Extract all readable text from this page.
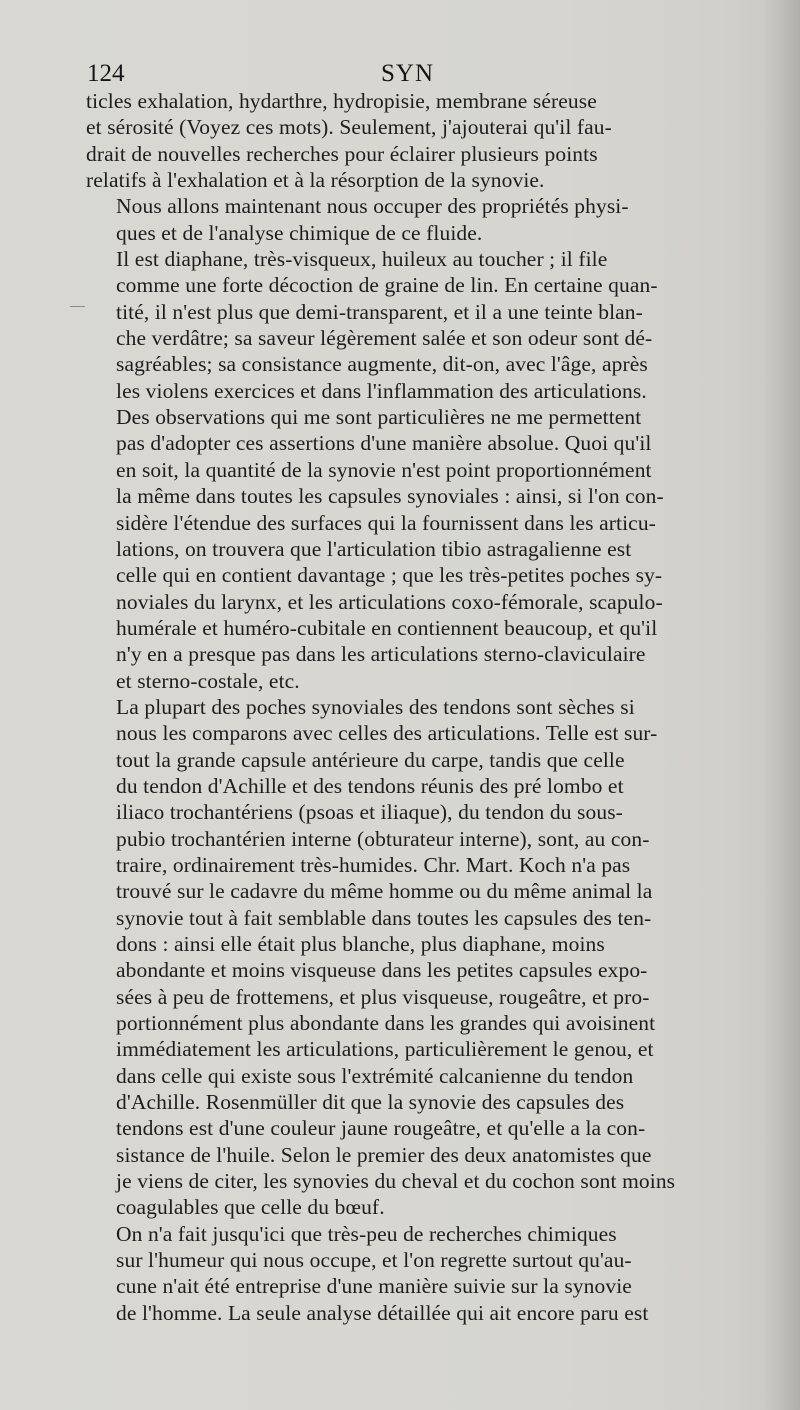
124	SYN

ticles exhalation, hydarthre, hydropisie, membrane séreuse
et sérosité (Voyez ces mots). Seulement, j'ajouterai qu'il fau-
drait de nouvelles recherches pour éclairer plusieurs points
relatifs à l'exhalation et à la résorption de la synovie.

Nous allons maintenant nous occuper des propriétés physi-
ques et de l'analyse chimique de ce fluide.

Il est diaphane, très-visqueux, huileux au toucher ; il file
comme une forte décoction de graine de lin. En certaine quan-
tité, il n'est plus que demi-transparent, et il a une teinte blan-
che verdâtre; sa saveur légèrement salée et son odeur sont dé-
sagréables; sa consistance augmente, dit-on, avec l'âge, après
les violens exercices et dans l'inflammation des articulations.
Des observations qui me sont particulières ne me permettent
pas d'adopter ces assertions d'une manière absolue. Quoi qu'il
en soit, la quantité de la synovie n'est point proportionnément
la même dans toutes les capsules synoviales : ainsi, si l'on con-
sidère l'étendue des surfaces qui la fournissent dans les articu-
lations, on trouvera que l'articulation tibio astragalienne est
celle qui en contient davantage ; que les très-petites poches sy-
noviales du larynx, et les articulations coxo-fémorale, scapulo-
humérale et huméro-cubitale en contiennent beaucoup, et qu'il
n'y en a presque pas dans les articulations sterno-claviculaire
et sterno-costale, etc.

La plupart des poches synoviales des tendons sont sèches si
nous les comparons avec celles des articulations. Telle est sur-
tout la grande capsule antérieure du carpe, tandis que celle
du tendon d'Achille et des tendons réunis des pré lombo et
iliaco trochantériens (psoas et iliaque), du tendon du sous-
pubio trochantérien interne (obturateur interne), sont, au con-
traire, ordinairement très-humides. Chr. Mart. Koch n'a pas
trouvé sur le cadavre du même homme ou du même animal la
synovie tout à fait semblable dans toutes les capsules des ten-
dons : ainsi elle était plus blanche, plus diaphane, moins
abondante et moins visqueuse dans les petites capsules expo-
sées à peu de frottemens, et plus visqueuse, rougeâtre, et pro-
portionnément plus abondante dans les grandes qui avoisinent
immédiatement les articulations, particulièrement le genou, et
dans celle qui existe sous l'extrémité calcanienne du tendon
d'Achille. Rosenmüller dit que la synovie des capsules des
tendons est d'une couleur jaune rougeâtre, et qu'elle a la con-
sistance de l'huile. Selon le premier des deux anatomistes que
je viens de citer, les synovies du cheval et du cochon sont moins
coagulables que celle du bœuf.

On n'a fait jusqu'ici que très-peu de recherches chimiques
sur l'humeur qui nous occupe, et l'on regrette surtout qu'au-
cune n'ait été entreprise d'une manière suivie sur la synovie
de l'homme. La seule analyse détaillée qui ait encore paru est
